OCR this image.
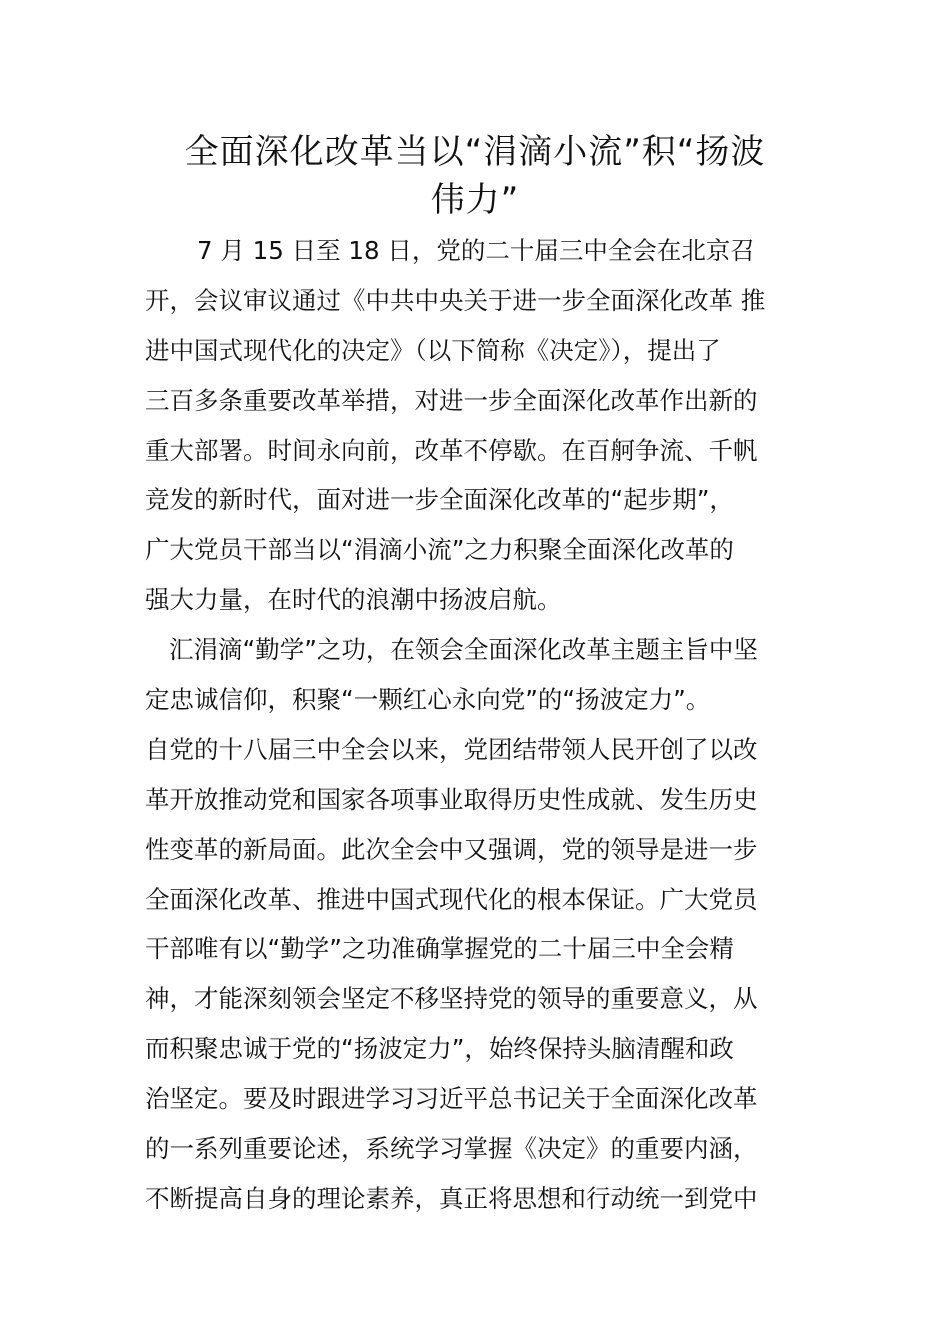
全面深化改革当以“涓滴小流”积“扬波
伟力”
7 月 15 日至 18 日，党的二十届三中全会在北京召
开，会议审议通过《中共中央关于进一步全面深化改革 推
进中国式现代化的决定》（以下简称《决定》），提出了
三百多条重要改革举措，对进一步全面深化改革作出新的
重大部署。时间永向前，改革不停歇。在百舸争流、千帆
竞发的新时代，面对进一步全面深化改革的“起步期”，
广大党员干部当以“涓滴小流”之力积聚全面深化改革的
强大力量，在时代的浪潮中扬波启航。
汇涓滴“勤学”之功，在领会全面深化改革主题主旨中坚
定忠诚信仰，积聚“一颗红心永向党”的“扬波定力”。
自党的十八届三中全会以来，党团结带领人民开创了以改
革开放推动党和国家各项事业取得历史性成就、发生历史
性变革的新局面。此次全会中又强调，党的领导是进一步
全面深化改革、推进中国式现代化的根本保证。广大党员
干部唯有以“勤学”之功准确掌握党的二十届三中全会精
神，才能深刻领会坚定不移坚持党的领导的重要意义，从
而积聚忠诚于党的“扬波定力”，始终保持头脑清醒和政
治坚定。要及时跟进学习习近平总书记关于全面深化改革
的一系列重要论述，系统学习掌握《决定》的重要内涵，
不断提高自身的理论素养，真正将思想和行动统一到党中
